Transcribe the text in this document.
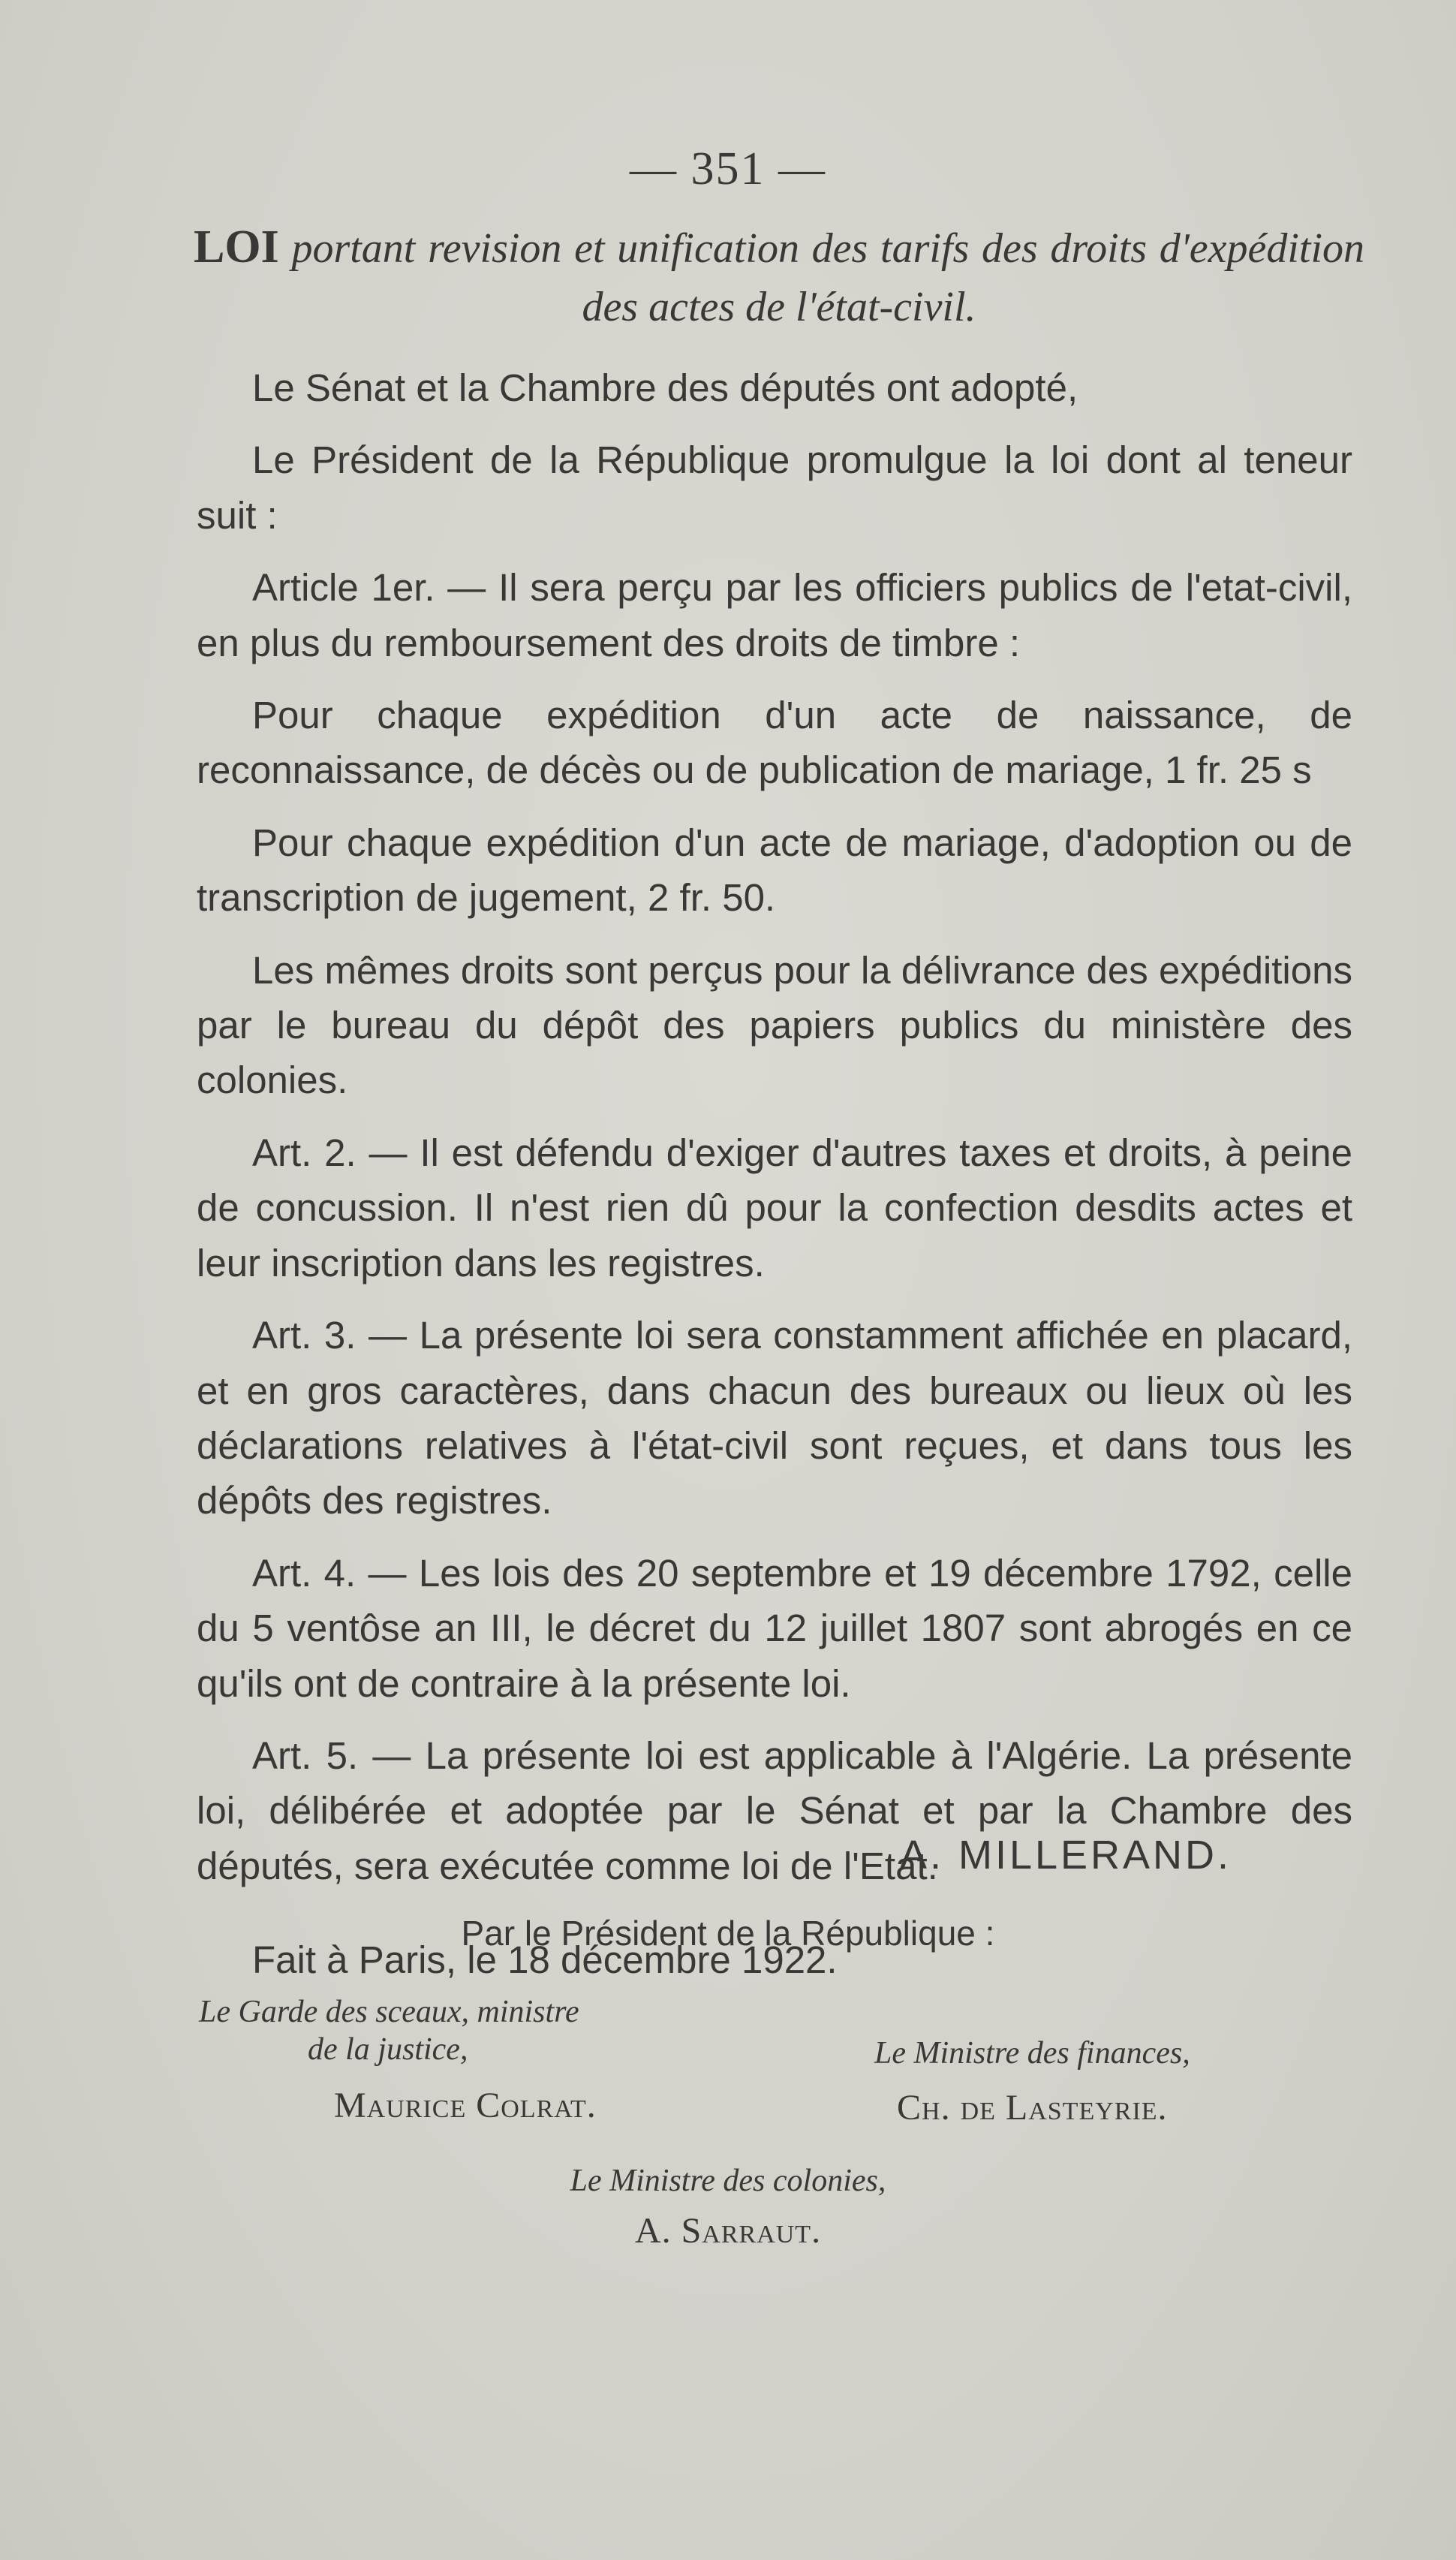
— 351 —
LOI portant revision et unification des tarifs des droits d'expédition des actes de l'état-civil.

Le Sénat et la Chambre des députés ont adopté,

Le Président de la République promulgue la loi dont al teneur suit :

Article 1er. — Il sera perçu par les officiers publics de l'etat-civil, en plus du remboursement des droits de timbre :

Pour chaque expédition d'un acte de naissance, de reconnaissance, de décès ou de publication de mariage, 1 fr. 25 s

Pour chaque expédition d'un acte de mariage, d'adoption ou de transcription de jugement, 2 fr. 50.

Les mêmes droits sont perçus pour la délivrance des expéditions par le bureau du dépôt des papiers publics du ministère des colonies.

Art. 2. — Il est défendu d'exiger d'autres taxes et droits, à peine de concussion. Il n'est rien dû pour la confection desdits actes et leur inscription dans les registres.

Art. 3. — La présente loi sera constamment affichée en placard, et en gros caractères, dans chacun des bureaux ou lieux où les déclarations relatives à l'état-civil sont reçues, et dans tous les dépôts des registres.

Art. 4. — Les lois des 20 septembre et 19 décembre 1792, celle du 5 ventôse an III, le décret du 12 juillet 1807 sont abrogés en ce qu'ils ont de contraire à la présente loi.

Art. 5. — La présente loi est applicable à l'Algérie. La présente loi, délibérée et adoptée par le Sénat et par la Chambre des députés, sera exécutée comme loi de l'Etat.

Fait à Paris, le 18 décembre 1922.

A. MILLERAND.
Par le Président de la République :
Le Garde des sceaux, ministre
de la justice,
Maurice Colrat.
Le Ministre des finances,
Ch. de Lasteyrie.
Le Ministre des colonies,
A. Sarraut.
